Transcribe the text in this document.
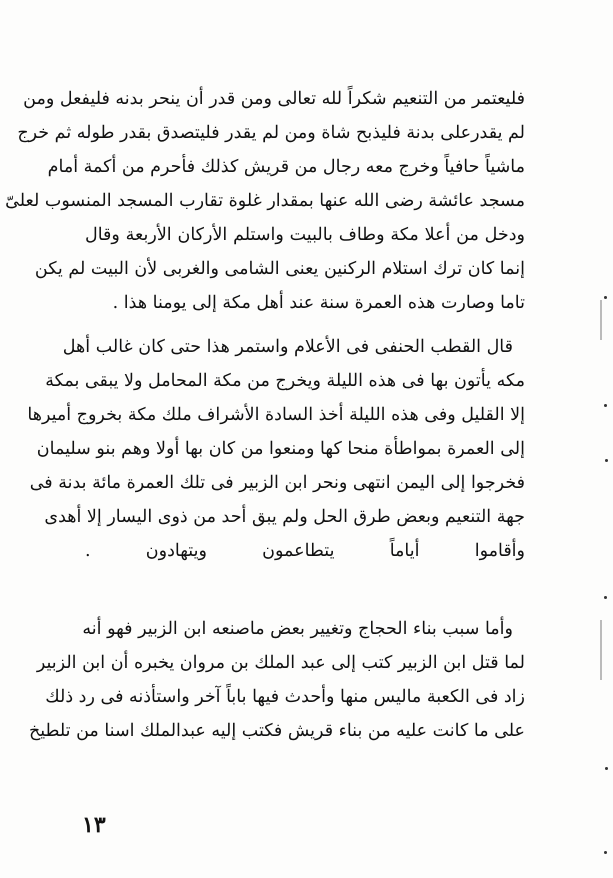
فليعتمر من التنعيم شكراً لله تعالى ومن قدر أن ينحر بدنه فليفعل ومن
لم يقدرعلى بدنة فليذبح شاة ومن لم يقدر فليتصدق بقدر طوله ثم خرج
ماشياً حافياً وخرج معه رجال من قريش كذلك فأحرم من أكمة أمام
مسجد عائشة رضى الله عنها بمقدار غلوة تقارب المسجد المنسوب لعلىّ
ودخل من أعلا مكة وطاف بالبيت واستلم الأركان الأربعة وقال
إنما كان ترك استلام الركنين يعنى الشامى والغربى لأن البيت لم يكن
تاما وصارت هذه العمرة سنة عند أهل مكة إلى يومنا هذا .
قال القطب الحنفى فى الأعلام واستمر هذا حتى كان غالب أهل
مكه يأتون بها فى هذه الليلة ويخرج من مكة المحامل ولا يبقى بمكة
إلا القليل وفى هذه الليلة أخذ السادة الأشراف ملك مكة بخروج أميرها
إلى العمرة بمواطأة منحا كها ومنعوا من كان بها أولا وهم بنو سليمان
فخرجوا إلى اليمن انتهى ونحر ابن الزبير فى تلك العمرة مائة بدنة فى
جهة التنعيم وبعض طرق الحل ولم يبق أحد من ذوى اليسار إلا أهدى
وأقاموا أياماً يتطاعمون ويتهادون .
وأما سبب بناء الحجاج وتغيير بعض ماصنعه ابن الزبير فهو أنه
لما قتل ابن الزبير كتب إلى عبد الملك بن مروان يخبره أن ابن الزبير
زاد فى الكعبة ماليس منها وأحدث فيها باباً آخر واستأذنه فى رد ذلك
على ما كانت عليه من بناء قريش فكتب إليه عبدالملك اسنا من تلطيخ
١٣
